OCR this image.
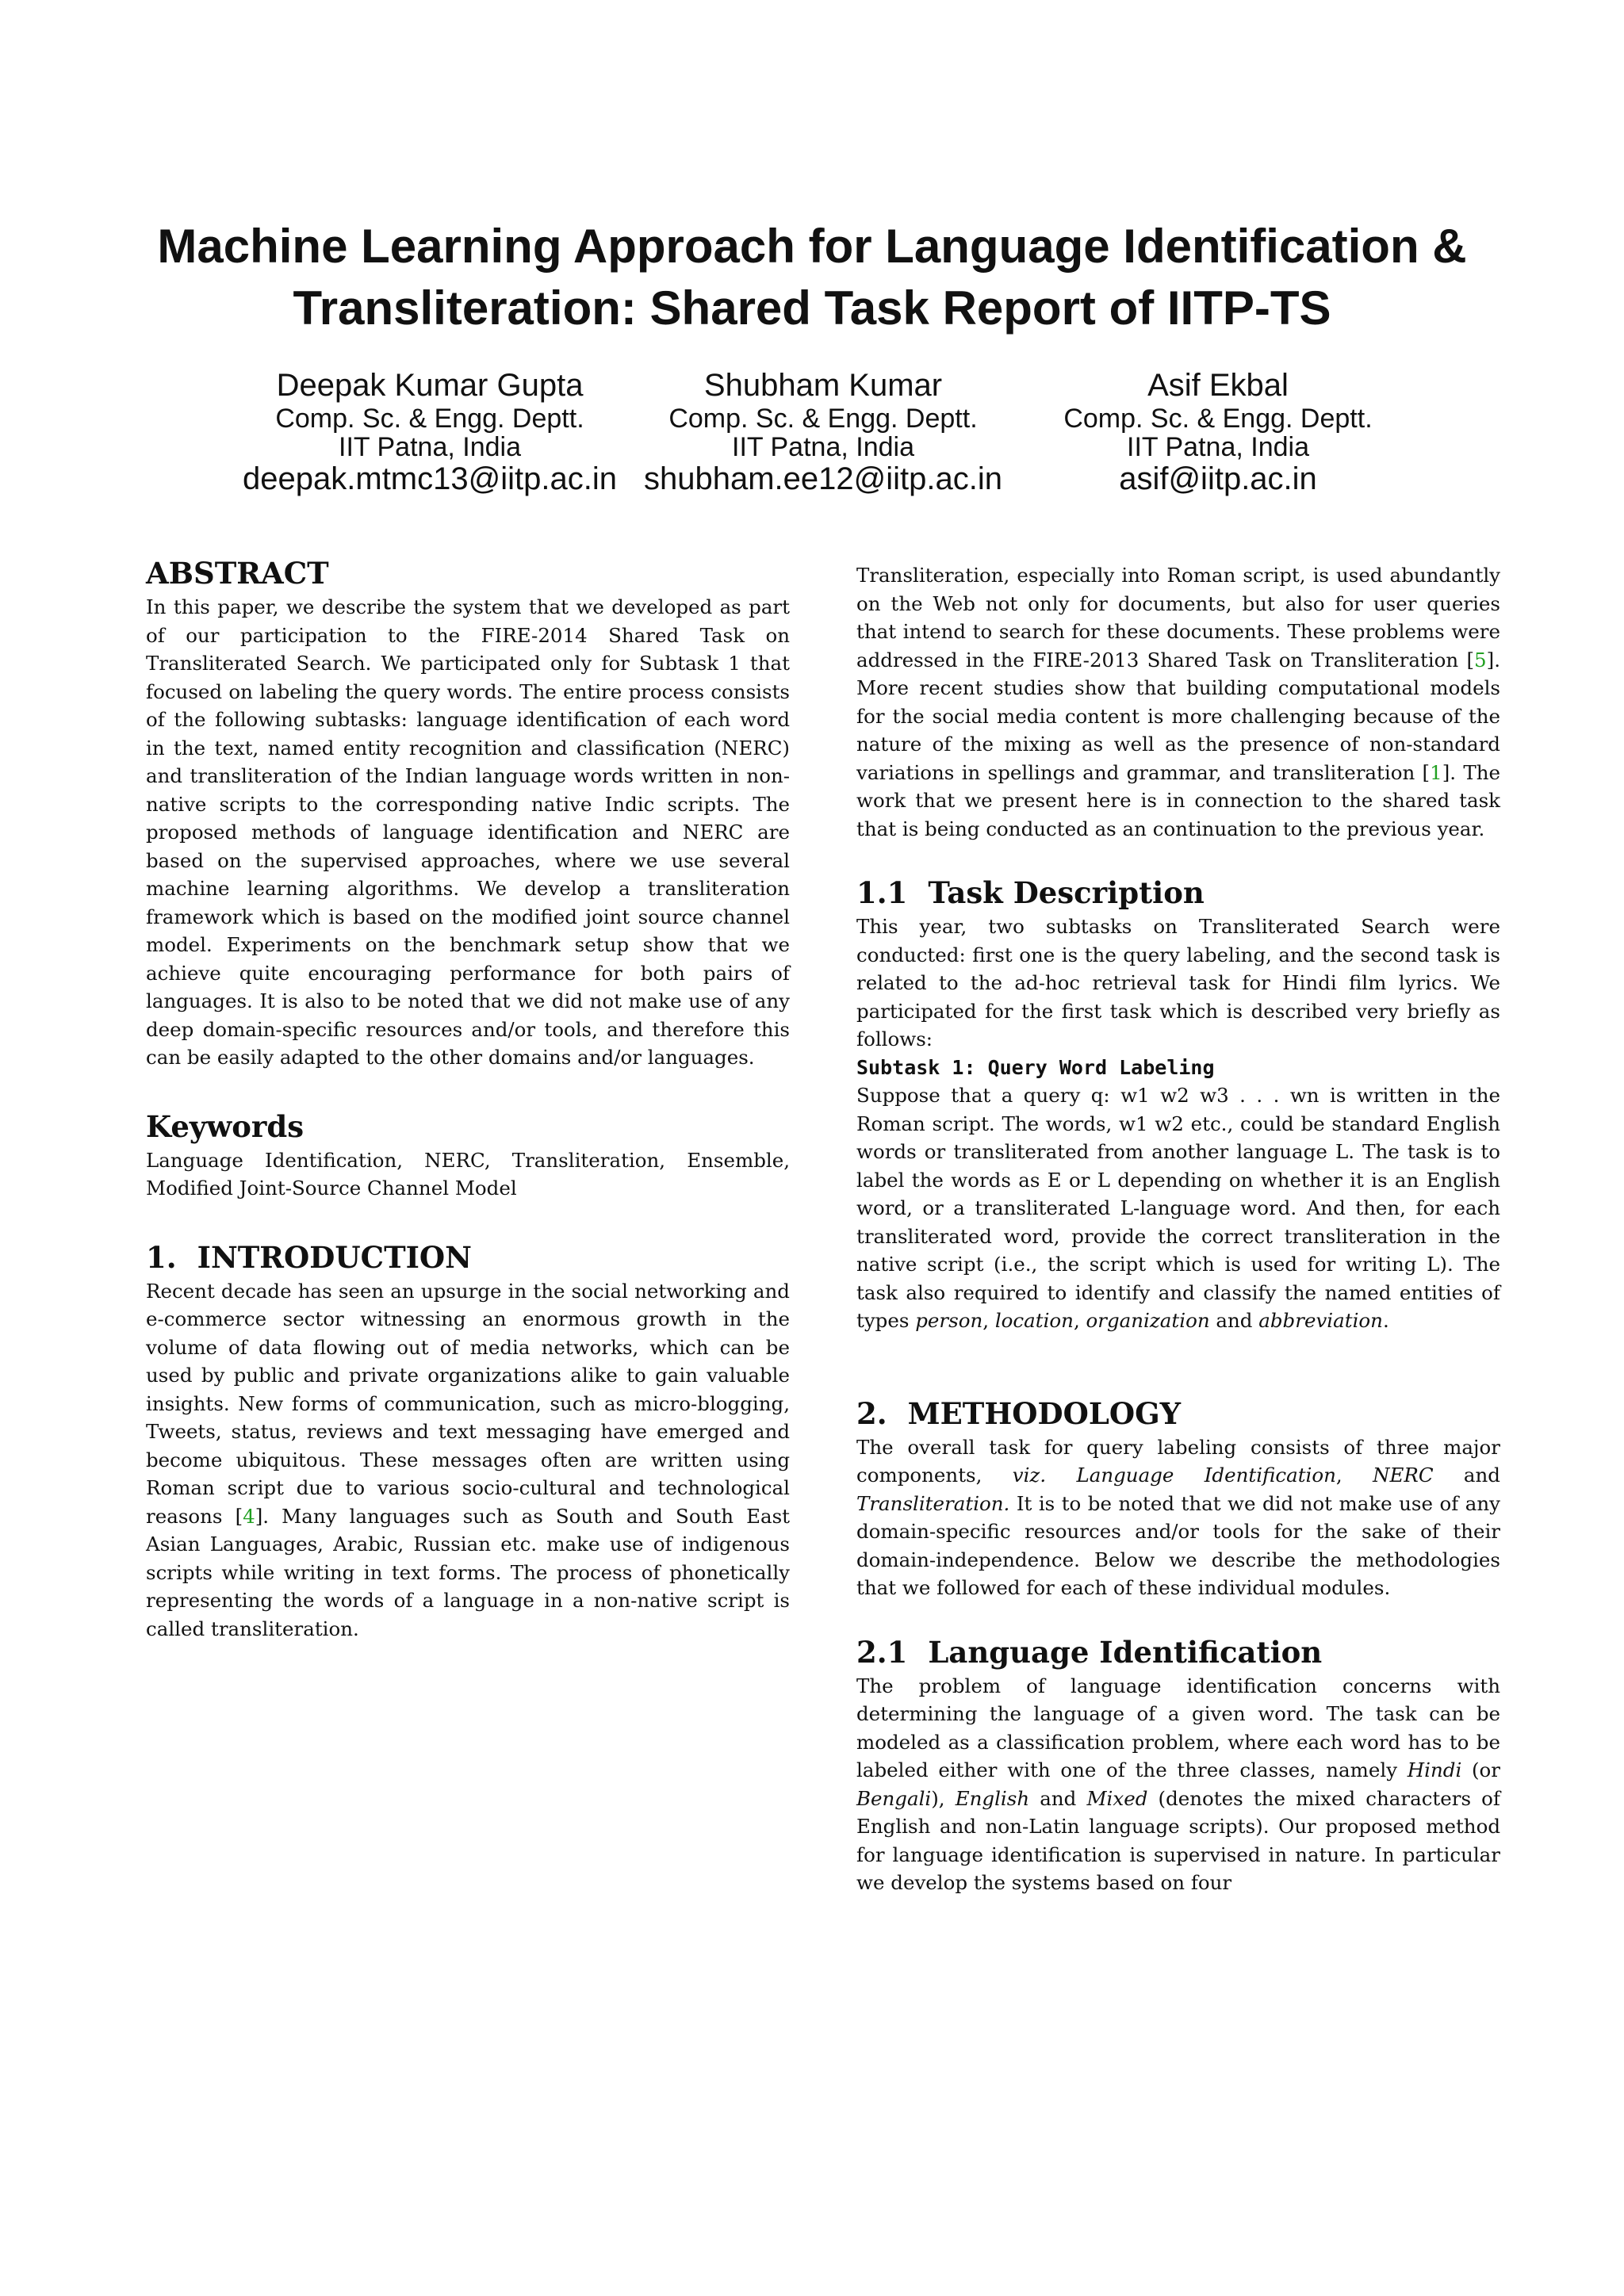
Machine Learning Approach for Language Identification &
Transliteration: Shared Task Report of IITP-TS
Deepak Kumar Gupta
Comp. Sc. & Engg. Deptt.
IIT Patna, India
deepak.mtmc13@iitp.ac.in
Shubham Kumar
Comp. Sc. & Engg. Deptt.
IIT Patna, India
shubham.ee12@iitp.ac.in
Asif Ekbal
Comp. Sc. & Engg. Deptt.
IIT Patna, India
asif@iitp.ac.in
ABSTRACT

In this paper, we describe the system that we developed as part of our participation to the FIRE-2014 Shared Task on Transliterated Search. We participated only for Subtask 1 that focused on labeling the query words. The entire process consists of the following subtasks: language identification of each word in the text, named entity recognition and classification (NERC) and transliteration of the Indian language words written in non-native scripts to the corresponding native Indic scripts. The proposed methods of language identification and NERC are based on the supervised approaches, where we use several machine learning algorithms. We develop a transliteration framework which is based on the modified joint source channel model. Experiments on the benchmark setup show that we achieve quite encouraging performance for both pairs of languages. It is also to be noted that we did not make use of any deep domain-specific resources and/or tools, and therefore this can be easily adapted to the other domains and/or languages.

Keywords

Language Identification, NERC, Transliteration, Ensemble, Modified Joint-Source Channel Model

1. INTRODUCTION

Recent decade has seen an upsurge in the social networking and e-commerce sector witnessing an enormous growth in the volume of data flowing out of media networks, which can be used by public and private organizations alike to gain valuable insights. New forms of communication, such as micro-blogging, Tweets, status, reviews and text messaging have emerged and become ubiquitous. These messages often are written using Roman script due to various socio-cultural and technological reasons [4]. Many languages such as South and South East Asian Languages, Arabic, Russian etc. make use of indigenous scripts while writing in text forms. The process of phonetically representing the words of a language in a non-native script is called transliteration.

Transliteration, especially into Roman script, is used abundantly on the Web not only for documents, but also for user queries that intend to search for these documents. These problems were addressed in the FIRE-2013 Shared Task on Transliteration [5]. More recent studies show that building computational models for the social media content is more challenging because of the nature of the mixing as well as the presence of non-standard variations in spellings and grammar, and transliteration [1]. The work that we present here is in connection to the shared task that is being conducted as an continuation to the previous year.

1.1 Task Description

This year, two subtasks on Transliterated Search were conducted: first one is the query labeling, and the second task is related to the ad-hoc retrieval task for Hindi film lyrics. We participated for the first task which is described very briefly as follows:

Subtask 1: Query Word Labeling

Suppose that a query q: w1 w2 w3 . . . wn is written in the Roman script. The words, w1 w2 etc., could be standard English words or transliterated from another language L. The task is to label the words as E or L depending on whether it is an English word, or a transliterated L-language word. And then, for each transliterated word, provide the correct transliteration in the native script (i.e., the script which is used for writing L). The task also required to identify and classify the named entities of types person, location, organization and abbreviation.

2. METHODOLOGY

The overall task for query labeling consists of three major components, viz. Language Identification, NERC and Transliteration. It is to be noted that we did not make use of any domain-specific resources and/or tools for the sake of their domain-independence. Below we describe the methodologies that we followed for each of these individual modules.

2.1 Language Identification

The problem of language identification concerns with determining the language of a given word. The task can be modeled as a classification problem, where each word has to be labeled either with one of the three classes, namely Hindi (or Bengali), English and Mixed (denotes the mixed characters of English and non-Latin language scripts). Our proposed method for language identification is supervised in nature. In particular we develop the systems based on four
